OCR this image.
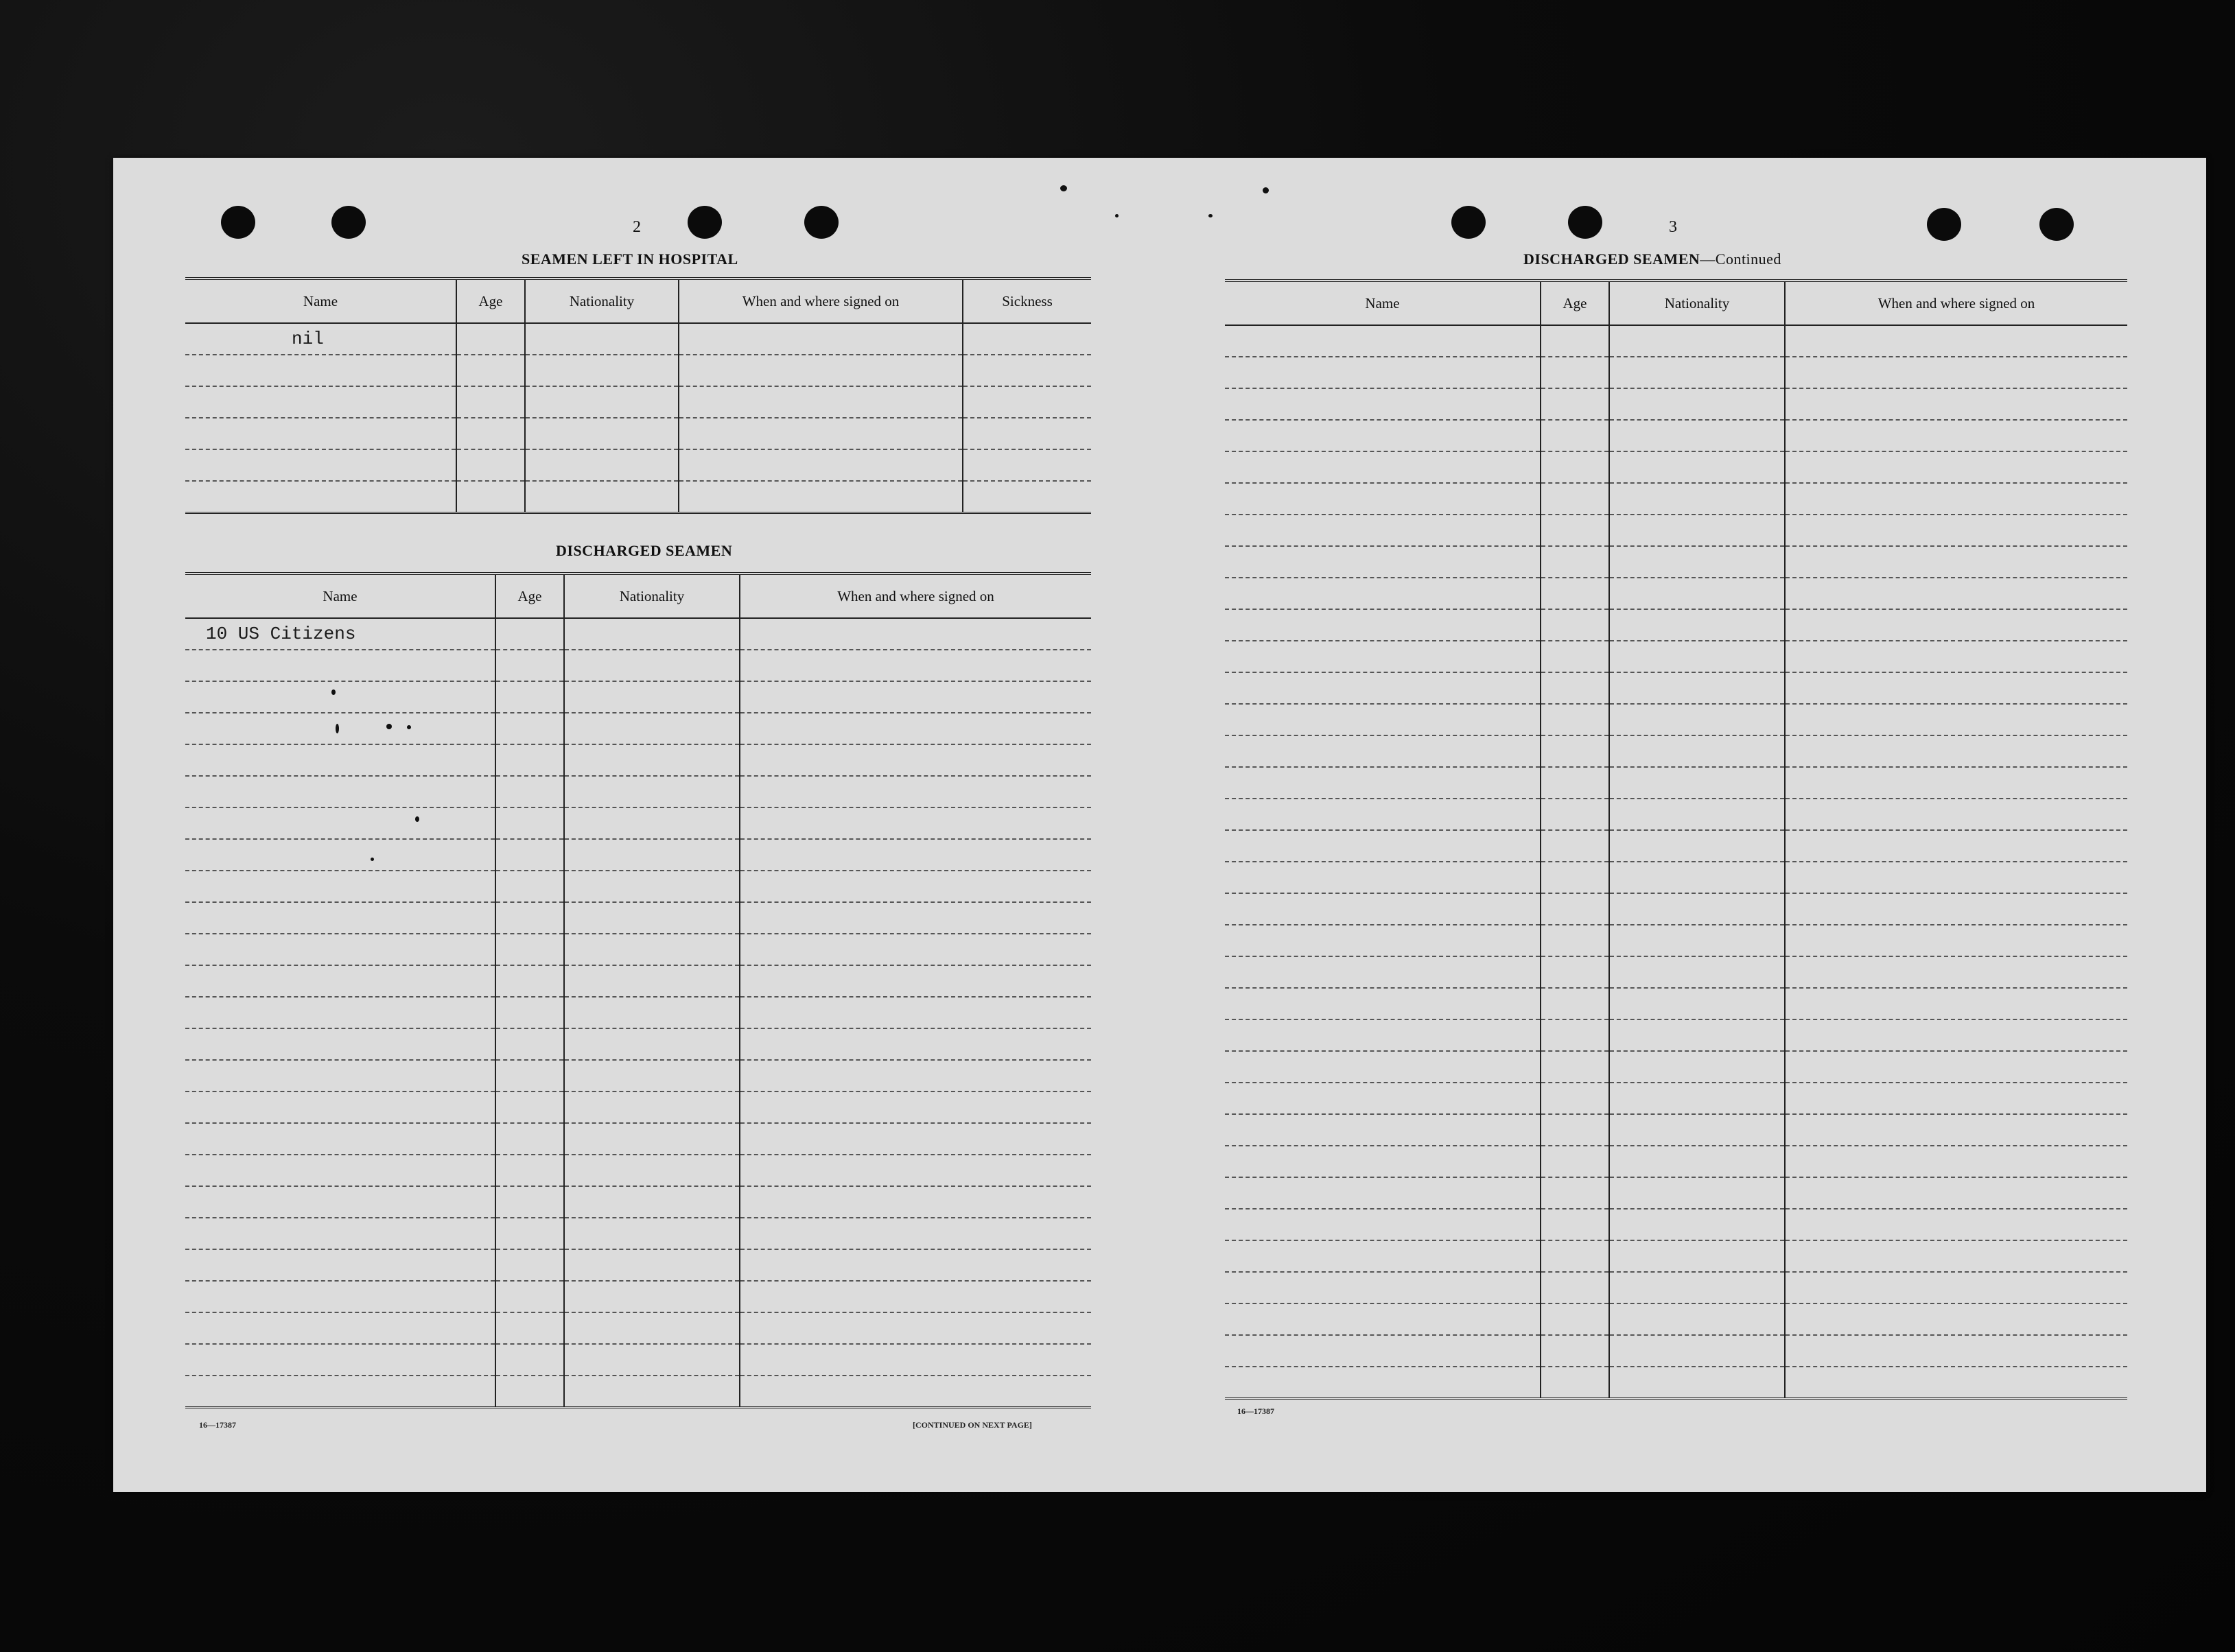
2
SEAMEN LEFT IN HOSPITAL
Name	Age	Nationality	When and where signed on	Sickness
nil				

DISCHARGED SEAMEN
Name	Age	Nationality	When and where signed on
10 US Citizens			

16—17387	[CONTINUED ON NEXT PAGE]
3
DISCHARGED SEAMEN—Continued
Name	Age	Nationality	When and where signed on

16—17387
